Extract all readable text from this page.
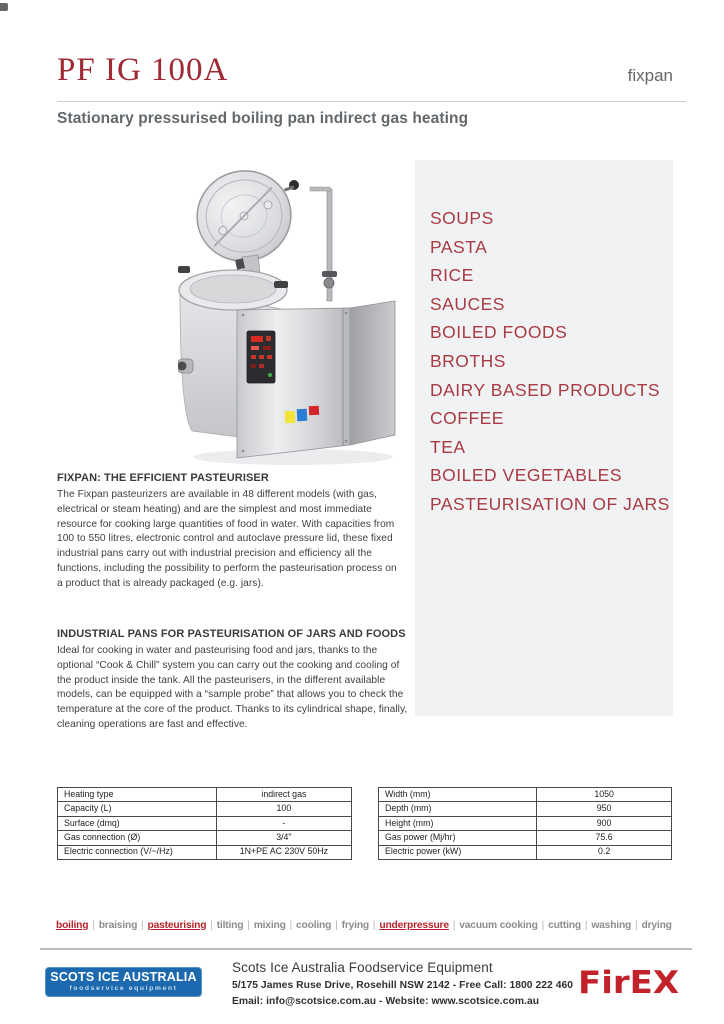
PF IG 100A	fixpan
Stationary pressurised boiling pan indirect gas heating
SOUPS
PASTA
RICE
SAUCES
BOILED FOODS
BROTHS
DAIRY BASED PRODUCTS
COFFEE
TEA
BOILED VEGETABLES
PASTEURISATION OF JARS
FIXPAN: THE EFFICIENT PASTEURISER

The Fixpan pasteurizers are available in 48 different models (with gas, electrical or steam heating) and are the simplest and most immediate resource for cooking large quantities of food in water. With capacities from 100 to 550 litres, electronic control and autoclave pressure lid, these fixed industrial pans carry out with industrial precision and efficiency all the functions, including the possibility to perform the pasteurisation process on a product that is already packaged (e.g. jars).

INDUSTRIAL PANS FOR PASTEURISATION OF JARS AND FOODS

Ideal for cooking in water and pasteurising food and jars, thanks to the optional “Cook & Chill” system you can carry out the cooking and cooling of the product inside the tank. All the pasteurisers, in the different available models, can be equipped with a “sample probe” that allows you to check the temperature at the core of the product. Thanks to its cylindrical shape, finally, cleaning operations are fast and effective.

Heating type	indirect gas
Capacity (L)	100
Surface (dmq)	-
Gas connection (Ø)	3/4"
Electric connection (V/~/Hz)	1N+PE AC 230V 50Hz
Width (mm)	1050
Depth (mm)	950
Height (mm)	900
Gas power (Mj/hr)	75.6
Electric power (kW)	0.2
boiling | braising | pasteurising | tilting | mixing | cooling | frying | underpressure | vacuum cooking | cutting | washing | drying
SCOTS ICE AUSTRALIA
foodservice equipment
Scots Ice Australia Foodservice Equipment
5/175 James Ruse Drive, Rosehill NSW 2142 - Free Call: 1800 222 460
Email: info@scotsice.com.au - Website: www.scotsice.com.au
FirEX
